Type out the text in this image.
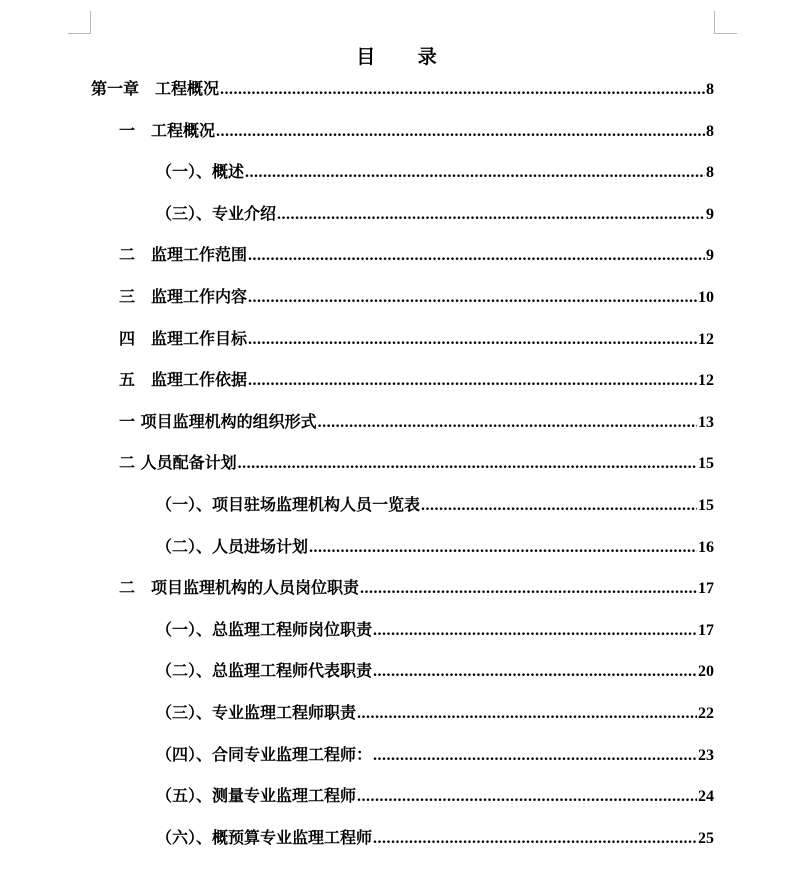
目 录
第一章　工程概况 .....	8
一　工程概况 .....	8
（一）、概述 .....	8
（三）、专业介绍 .....	9
二　监理工作范围 .....	9
三　监理工作内容 .....	10
四　监理工作目标 .....	12
五　监理工作依据 .....	12
一 项目监理机构的组织形式 .....	13
二 人员配备计划 .....	15
（一）、项目驻场监理机构人员一览表 .....	15
（二）、人员进场计划 .....	16
二　项目监理机构的人员岗位职责 .....	17
（一）、总监理工程师岗位职责 .....	17
（二）、总监理工程师代表职责 .....	20
（三）、专业监理工程师职责 .....	22
（四）、合同专业监理工程师： .....	23
（五）、测量专业监理工程师 .....	24
（六）、概预算专业监理工程师 .....	25
